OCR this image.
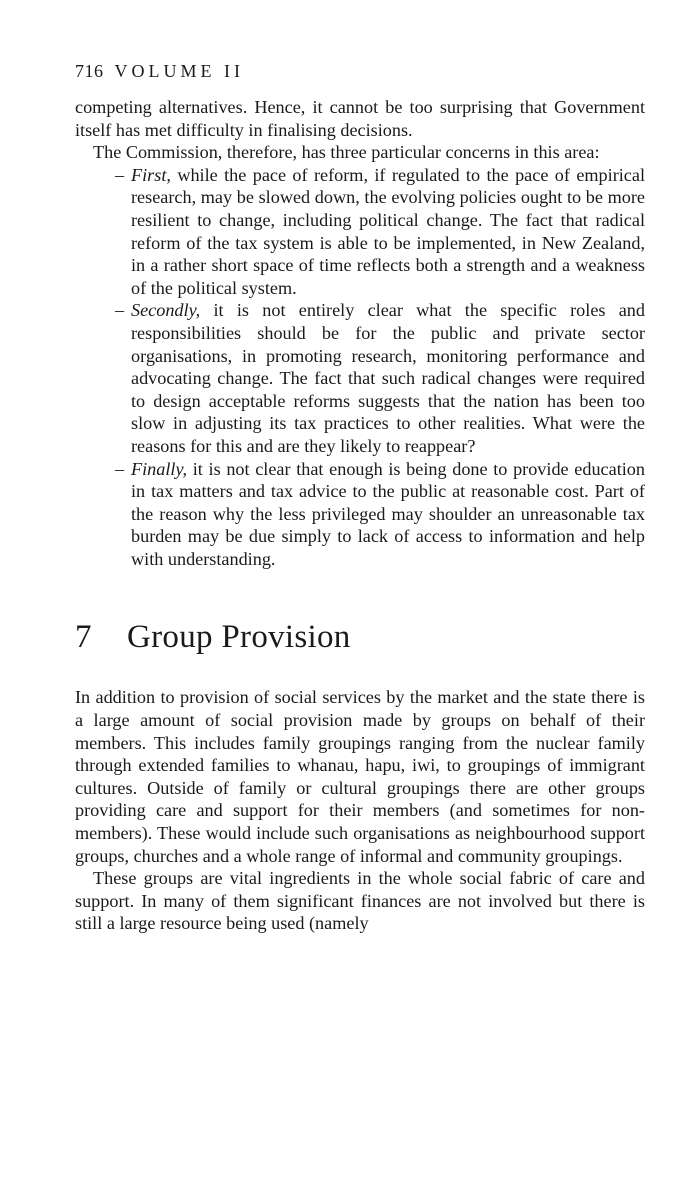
716 VOLUME II

competing alternatives. Hence, it cannot be too surprising that Government itself has met difficulty in finalising decisions.

The Commission, therefore, has three particular concerns in this area:

– First, while the pace of reform, if regulated to the pace of empirical research, may be slowed down, the evolving policies ought to be more resilient to change, including political change. The fact that radical reform of the tax system is able to be implemented, in New Zealand, in a rather short space of time reflects both a strength and a weakness of the political system.
– Secondly, it is not entirely clear what the specific roles and responsibilities should be for the public and private sector organisations, in promoting research, monitoring performance and advocating change. The fact that such radical changes were required to design acceptable reforms suggests that the nation has been too slow in adjusting its tax practices to other realities. What were the reasons for this and are they likely to reappear?
– Finally, it is not clear that enough is being done to provide education in tax matters and tax advice to the public at reasonable cost. Part of the reason why the less privileged may shoulder an unreasonable tax burden may be due simply to lack of access to information and help with understanding.
7 Group Provision

In addition to provision of social services by the market and the state there is a large amount of social provision made by groups on behalf of their members. This includes family groupings ranging from the nuclear family through extended families to whanau, hapu, iwi, to groupings of immigrant cultures. Outside of family or cultural groupings there are other groups providing care and support for their members (and sometimes for non-members). These would include such organisations as neighbourhood support groups, churches and a whole range of informal and community groupings.

These groups are vital ingredients in the whole social fabric of care and support. In many of them significant finances are not involved but there is still a large resource being used (namely
